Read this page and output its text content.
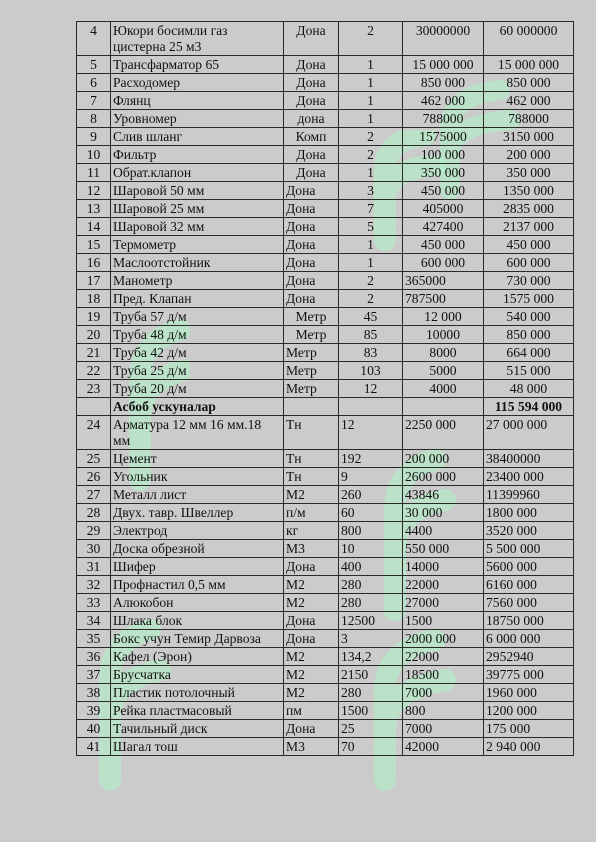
4	Юкори босимли газ цистерна 25 м3	Дона	2	30000000	60 000000
5	Трансфарматор 65	Дона	1	15 000 000	15 000 000
6	Расходомер	Дона	1	850 000	850 000
7	Флянц	Дона	1	462 000	462 000
8	Уровномер	дона	1	788000	788000
9	Слив шланг	Комп	2	1575000	3150 000
10	Фильтр	Дона	2	100 000	200 000
11	Обрат.клапон	Дона	1	350 000	350 000
12	Шаровой 50 мм	Дона	3	450 000	1350 000
13	Шаровой 25 мм	Дона	7	405000	2835 000
14	Шаровой 32 мм	Дона	5	427400	2137 000
15	Термометр	Дона	1	450 000	450 000
16	Маслоотстойник	Дона	1	600 000	600 000
17	Манометр	Дона	2	365000	730 000
18	Пред. Клапан	Дона	2	787500	1575 000
19	Труба 57 д/м	Метр	45	12 000	540 000
20	Труба 48 д/м	Метр	85	10000	850 000
21	Труба 42 д/м	Метр	83	8000	664 000
22	Труба 25 д/м	Метр	103	5000	515 000
23	Труба 20 д/м	Метр	12	4000	48 000
	Асбоб ускуналар				115 594 000
24	Арматура 12 мм 16 мм.18 мм	Тн	12	2250 000	27 000 000
25	Цемент	Тн	192	200 000	38400000
26	Угольник	Тн	9	2600 000	23400 000
27	Металл лист	М2	260	43846	11399960
28	Двух. тавр. Швеллер	п/м	60	30 000	1800 000
29	Электрод	кг	800	4400	3520 000
30	Доска обрезной	М3	10	550 000	5 500 000
31	Шифер	Дона	400	14000	5600 000
32	Профнастил 0,5 мм	М2	280	22000	6160 000
33	Алюкобон	М2	280	27000	7560 000
34	Шлака блок	Дона	12500	1500	18750 000
35	Бокс учун Темир Дарвоза	Дона	3	2000 000	6 000 000
36	Кафел (Эрон)	М2	134,2	22000	2952940
37	Брусчатка	М2	2150	18500	39775 000
38	Пластик потолочный	М2	280	7000	1960 000
39	Рейка пластмасовый	пм	1500	800	1200 000
40	Тачильный диск	Дона	25	7000	175 000
41	Шагал тош	М3	70	42000	2 940 000
